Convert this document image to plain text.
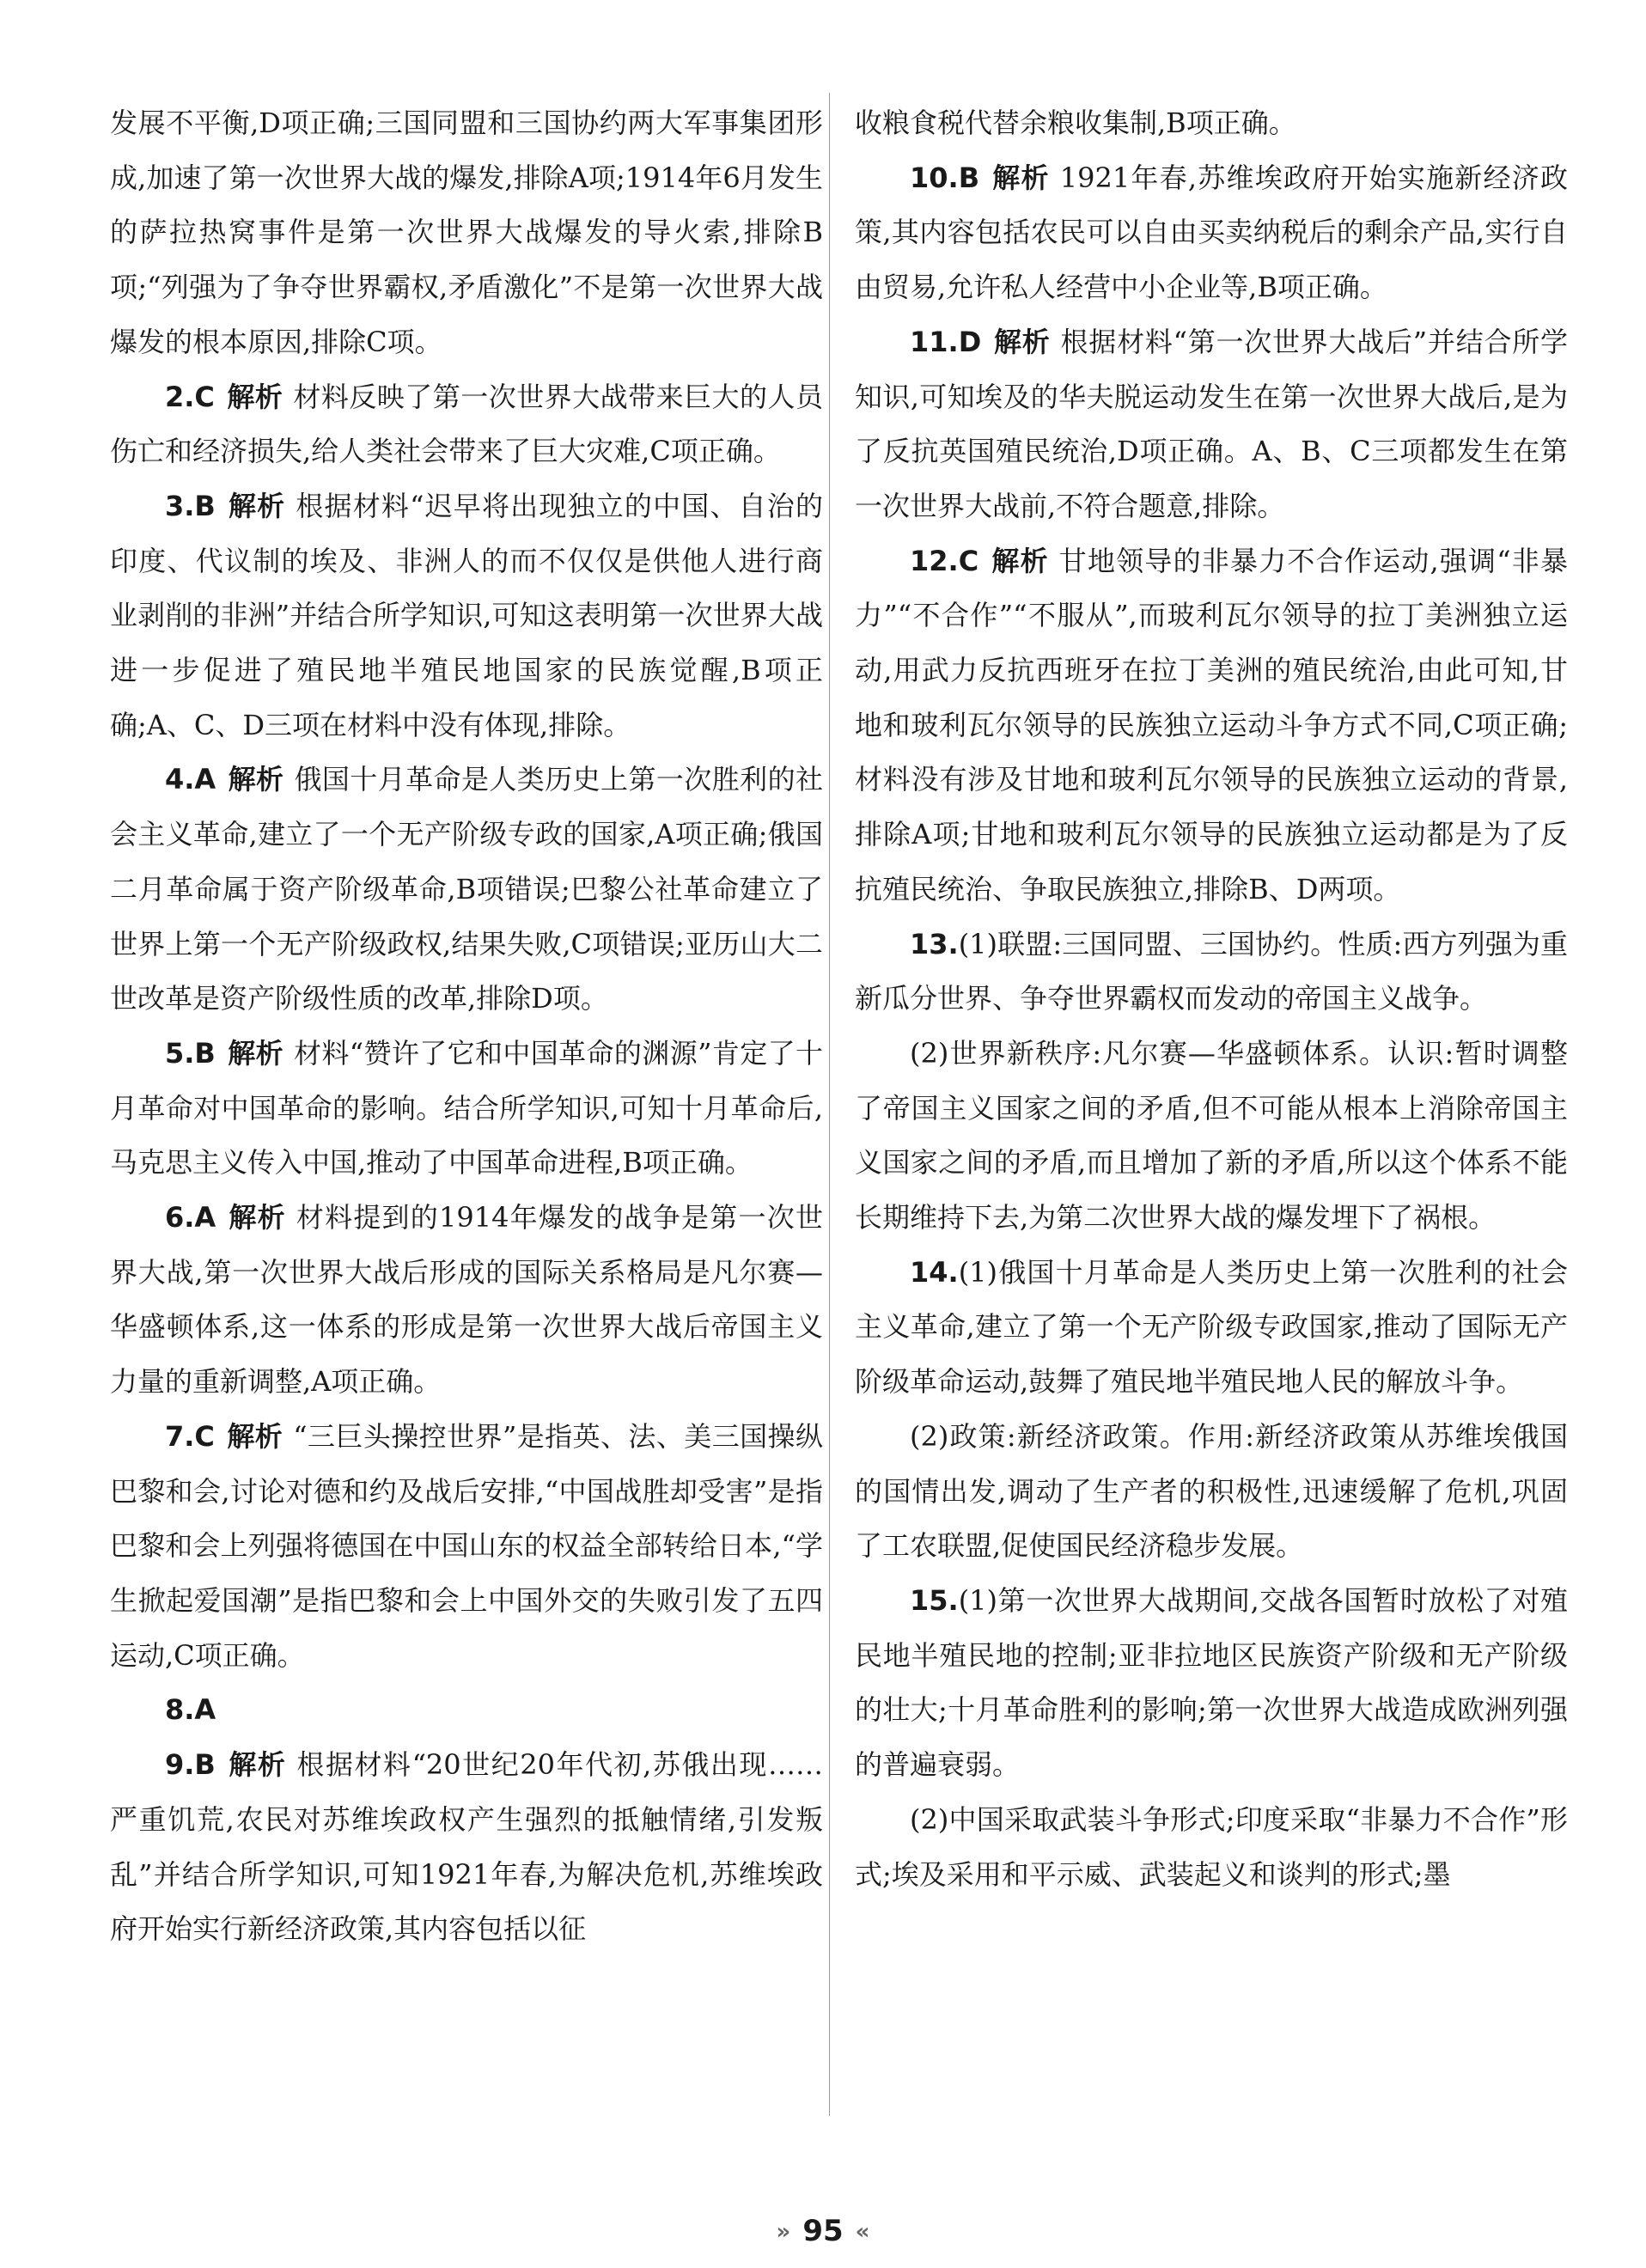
发展不平衡,D项正确;三国同盟和三国协约两大军事集团形成,加速了第一次世界大战的爆发,排除A项;1914年6月发生的萨拉热窝事件是第一次世界大战爆发的导火索,排除B项;“列强为了争夺世界霸权,矛盾激化”不是第一次世界大战爆发的根本原因,排除C项。

2.C 解析 材料反映了第一次世界大战带来巨大的人员伤亡和经济损失,给人类社会带来了巨大灾难,C项正确。

3.B 解析 根据材料“迟早将出现独立的中国、自治的印度、代议制的埃及、非洲人的而不仅仅是供他人进行商业剥削的非洲”并结合所学知识,可知这表明第一次世界大战进一步促进了殖民地半殖民地国家的民族觉醒,B项正确;A、C、D三项在材料中没有体现,排除。

4.A 解析 俄国十月革命是人类历史上第一次胜利的社会主义革命,建立了一个无产阶级专政的国家,A项正确;俄国二月革命属于资产阶级革命,B项错误;巴黎公社革命建立了世界上第一个无产阶级政权,结果失败,C项错误;亚历山大二世改革是资产阶级性质的改革,排除D项。

5.B 解析 材料“赞许了它和中国革命的渊源”肯定了十月革命对中国革命的影响。结合所学知识,可知十月革命后,马克思主义传入中国,推动了中国革命进程,B项正确。

6.A 解析 材料提到的1914年爆发的战争是第一次世界大战,第一次世界大战后形成的国际关系格局是凡尔赛—华盛顿体系,这一体系的形成是第一次世界大战后帝国主义力量的重新调整,A项正确。

7.C 解析 “三巨头操控世界”是指英、法、美三国操纵巴黎和会,讨论对德和约及战后安排,“中国战胜却受害”是指巴黎和会上列强将德国在中国山东的权益全部转给日本,“学生掀起爱国潮”是指巴黎和会上中国外交的失败引发了五四运动,C项正确。

8.A

9.B 解析 根据材料“20世纪20年代初,苏俄出现……严重饥荒,农民对苏维埃政权产生强烈的抵触情绪,引发叛乱”并结合所学知识,可知1921年春,为解决危机,苏维埃政府开始实行新经济政策,其内容包括以征

收粮食税代替余粮收集制,B项正确。

10.B 解析 1921年春,苏维埃政府开始实施新经济政策,其内容包括农民可以自由买卖纳税后的剩余产品,实行自由贸易,允许私人经营中小企业等,B项正确。

11.D 解析 根据材料“第一次世界大战后”并结合所学知识,可知埃及的华夫脱运动发生在第一次世界大战后,是为了反抗英国殖民统治,D项正确。A、B、C三项都发生在第一次世界大战前,不符合题意,排除。

12.C 解析 甘地领导的非暴力不合作运动,强调“非暴力”“不合作”“不服从”,而玻利瓦尔领导的拉丁美洲独立运动,用武力反抗西班牙在拉丁美洲的殖民统治,由此可知,甘地和玻利瓦尔领导的民族独立运动斗争方式不同,C项正确;材料没有涉及甘地和玻利瓦尔领导的民族独立运动的背景,排除A项;甘地和玻利瓦尔领导的民族独立运动都是为了反抗殖民统治、争取民族独立,排除B、D两项。

13.(1)联盟:三国同盟、三国协约。性质:西方列强为重新瓜分世界、争夺世界霸权而发动的帝国主义战争。

(2)世界新秩序:凡尔赛—华盛顿体系。认识:暂时调整了帝国主义国家之间的矛盾,但不可能从根本上消除帝国主义国家之间的矛盾,而且增加了新的矛盾,所以这个体系不能长期维持下去,为第二次世界大战的爆发埋下了祸根。

14.(1)俄国十月革命是人类历史上第一次胜利的社会主义革命,建立了第一个无产阶级专政国家,推动了国际无产阶级革命运动,鼓舞了殖民地半殖民地人民的解放斗争。

(2)政策:新经济政策。作用:新经济政策从苏维埃俄国的国情出发,调动了生产者的积极性,迅速缓解了危机,巩固了工农联盟,促使国民经济稳步发展。

15.(1)第一次世界大战期间,交战各国暂时放松了对殖民地半殖民地的控制;亚非拉地区民族资产阶级和无产阶级的壮大;十月革命胜利的影响;第一次世界大战造成欧洲列强的普遍衰弱。

(2)中国采取武装斗争形式;印度采取“非暴力不合作”形式;埃及采用和平示威、武装起义和谈判的形式;墨

» 95 «
